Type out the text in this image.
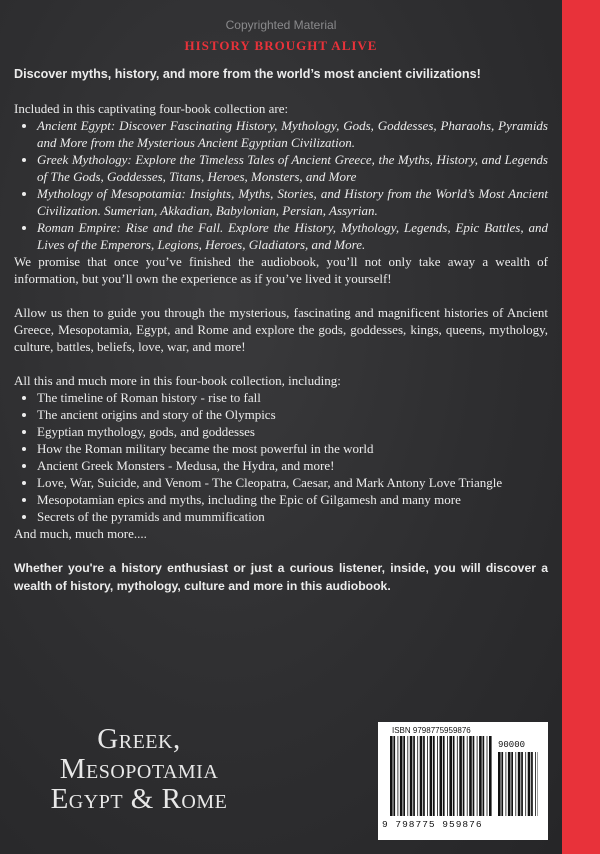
Copyrighted Material
HISTORY BROUGHT ALIVE

Discover myths, history, and more from the world’s most ancient civilizations!

Included in this captivating four-book collection are:

• Ancient Egypt: Discover Fascinating History, Mythology, Gods, Goddesses, Pharaohs, Pyramids and More from the Mysterious Ancient Egyptian Civilization.
• Greek Mythology: Explore the Timeless Tales of Ancient Greece, the Myths, History, and Legends of The Gods, Goddesses, Titans, Heroes, Monsters, and More
• Mythology of Mesopotamia: Insights, Myths, Stories, and History from the World’s Most Ancient Civilization. Sumerian, Akkadian, Babylonian, Persian, Assyrian.
• Roman Empire: Rise and the Fall. Explore the History, Mythology, Legends, Epic Battles, and Lives of the Emperors, Legions, Heroes, Gladiators, and More.

We promise that once you’ve finished the audiobook, you’ll not only take away a wealth of information, but you’ll own the experience as if you’ve lived it yourself!

Allow us then to guide you through the mysterious, fascinating and magnificent histories of Ancient Greece, Mesopotamia, Egypt, and Rome and explore the gods, goddesses, kings, queens, mythology, culture, battles, beliefs, love, war, and more!

All this and much more in this four-book collection, including:

• The timeline of Roman history - rise to fall
• The ancient origins and story of the Olympics
• Egyptian mythology, gods, and goddesses
• How the Roman military became the most powerful in the world
• Ancient Greek Monsters - Medusa, the Hydra, and more!
• Love, War, Suicide, and Venom - The Cleopatra, Caesar, and Mark Antony Love Triangle
• Mesopotamian epics and myths, including the Epic of Gilgamesh and many more
• Secrets of the pyramids and mummification

And much, much more....

Whether you're a history enthusiast or just a curious listener, inside, you will discover a wealth of history, mythology, culture and more in this audiobook.

Greek,
Mesopotamia
Egypt & Rome
ISBN 9798775959876
90000
9 798775 959876
